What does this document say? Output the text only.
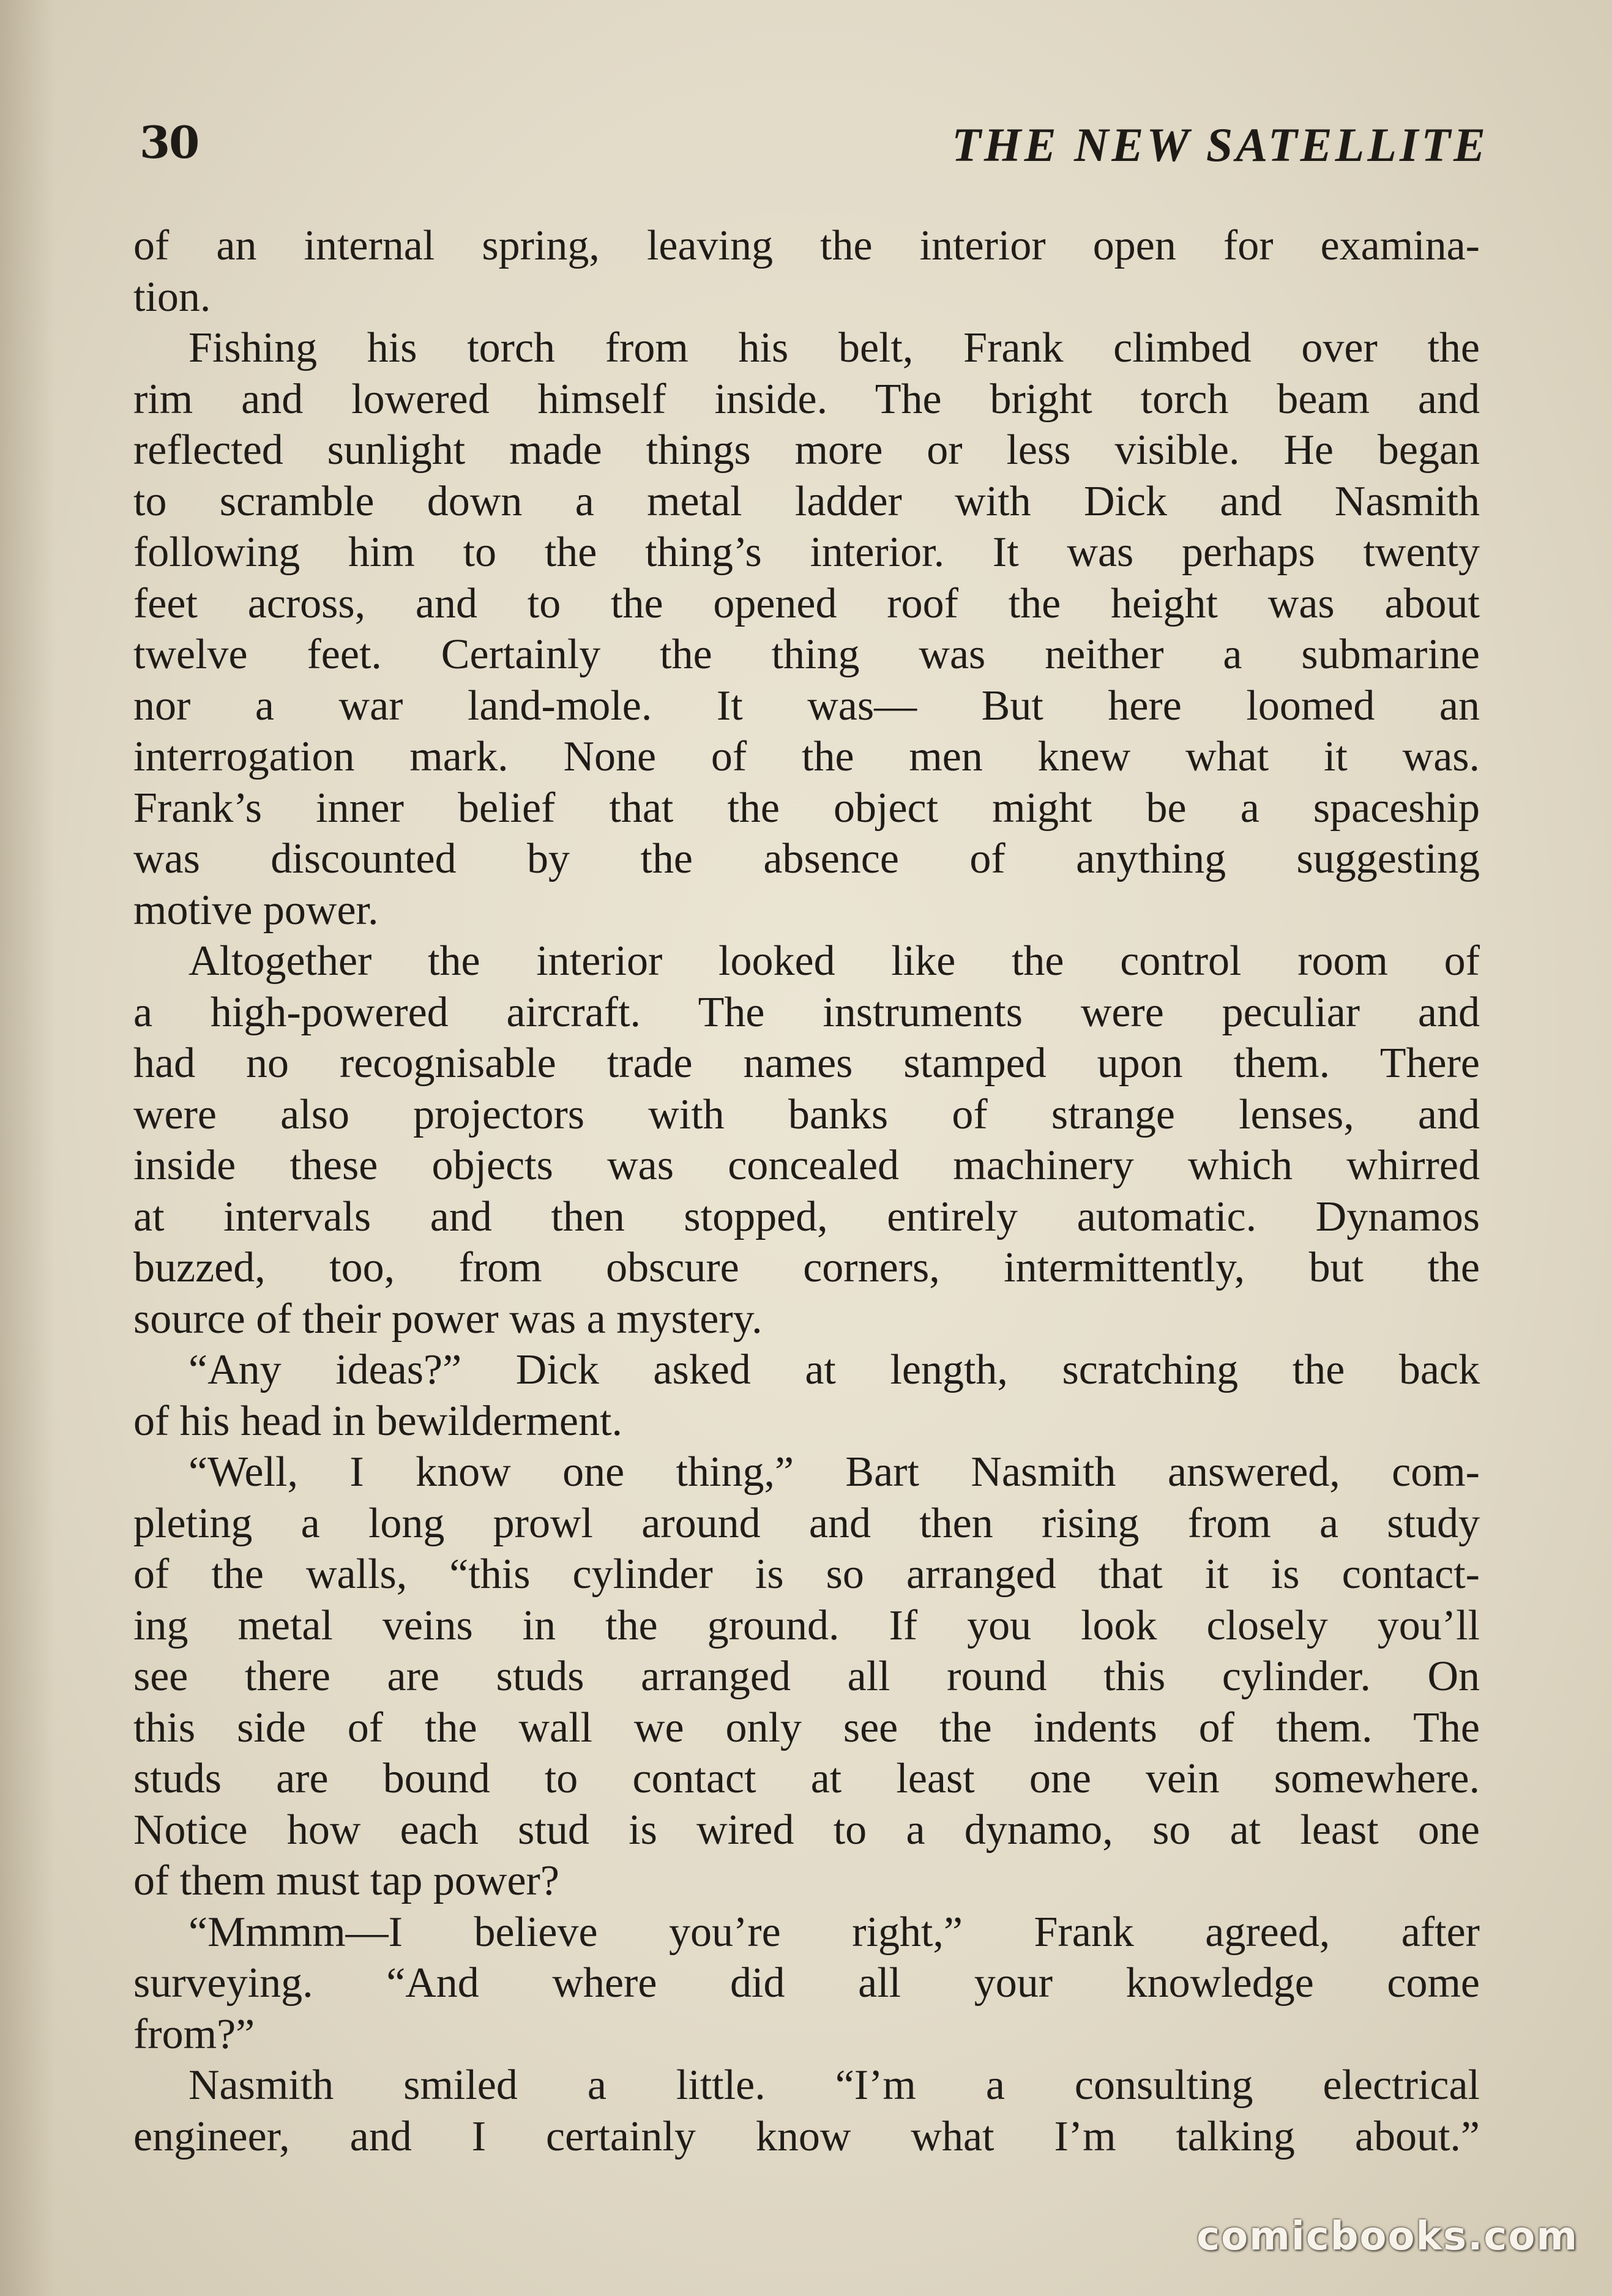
30	THE NEW SATELLITE
of an internal spring, leaving the interior open for examina-
tion.
Fishing his torch from his belt, Frank climbed over the
rim and lowered himself inside. The bright torch beam and
reflected sunlight made things more or less visible. He began
to scramble down a metal ladder with Dick and Nasmith
following him to the thing’s interior. It was perhaps twenty
feet across, and to the opened roof the height was about
twelve feet. Certainly the thing was neither a submarine
nor a war land-mole. It was— But here loomed an
interrogation mark. None of the men knew what it was.
Frank’s inner belief that the object might be a spaceship
was discounted by the absence of anything suggesting
motive power.
Altogether the interior looked like the control room of
a high-powered aircraft. The instruments were peculiar and
had no recognisable trade names stamped upon them. There
were also projectors with banks of strange lenses, and
inside these objects was concealed machinery which whirred
at intervals and then stopped, entirely automatic. Dynamos
buzzed, too, from obscure corners, intermittently, but the
source of their power was a mystery.
“Any ideas?” Dick asked at length, scratching the back
of his head in bewilderment.
“Well, I know one thing,” Bart Nasmith answered, com-
pleting a long prowl around and then rising from a study
of the walls, “this cylinder is so arranged that it is contact-
ing metal veins in the ground. If you look closely you’ll
see there are studs arranged all round this cylinder. On
this side of the wall we only see the indents of them. The
studs are bound to contact at least one vein somewhere.
Notice how each stud is wired to a dynamo, so at least one
of them must tap power?
“Mmmm—I believe you’re right,” Frank agreed, after
surveying. “And where did all your knowledge come
from?”
Nasmith smiled a little. “I’m a consulting electrical
engineer, and I certainly know what I’m talking about.”
comicbooks.com
